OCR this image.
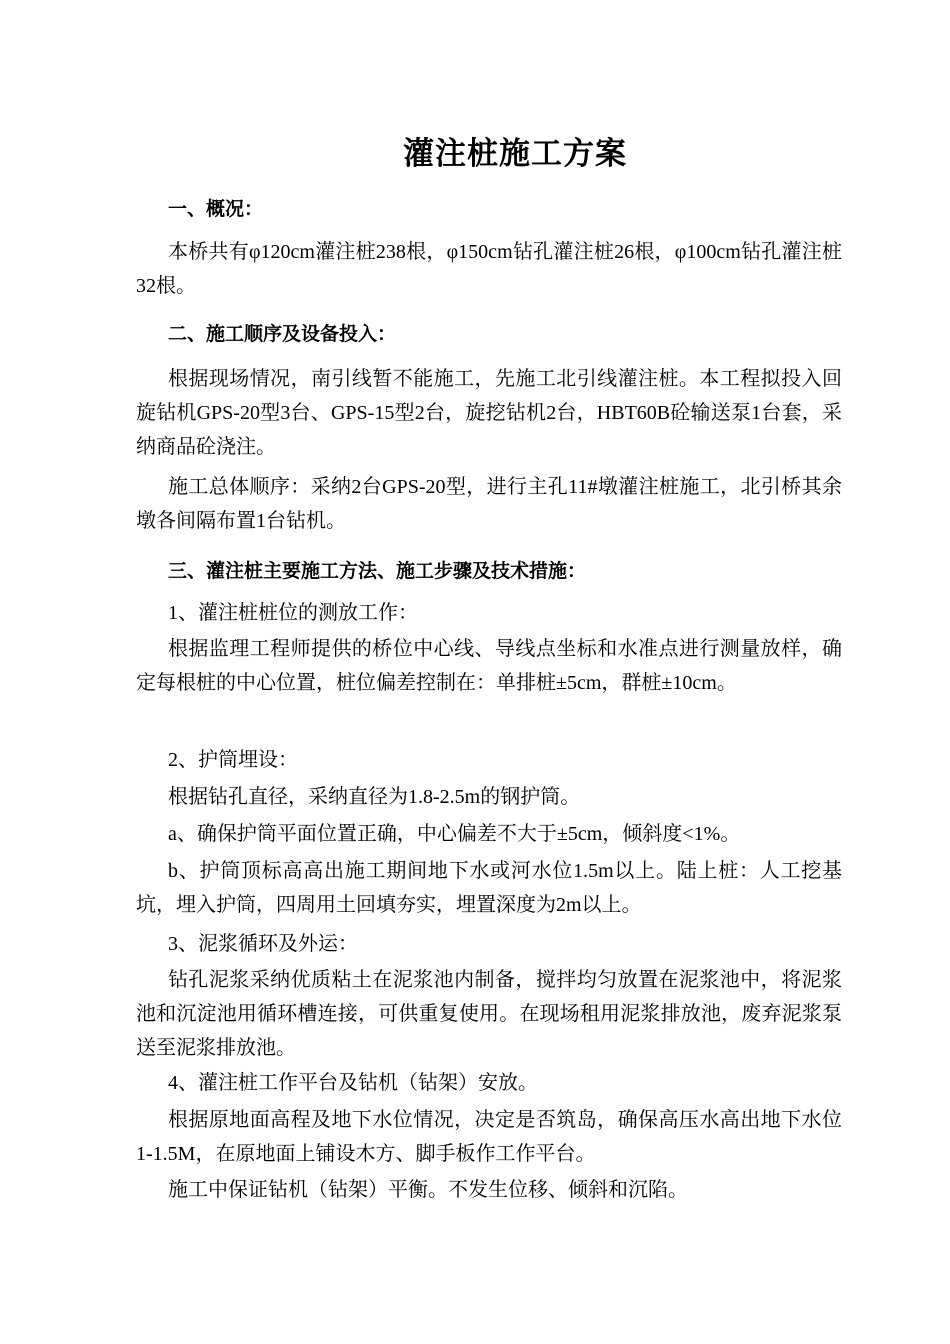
灌注桩施工方案
一、概况：

本桥共有φ120cm灌注桩238根，φ150cm钻孔灌注桩26根，φ100cm钻孔灌注桩32根。

二、施工顺序及设备投入：

根据现场情况，南引线暂不能施工，先施工北引线灌注桩。本工程拟投入回旋钻机GPS-20型3台、GPS-15型2台，旋挖钻机2台，HBT60B砼输送泵1台套，采纳商品砼浇注。

施工总体顺序：采纳2台GPS-20型，进行主孔11#墩灌注桩施工，北引桥其余墩各间隔布置1台钻机。

三、灌注桩主要施工方法、施工步骤及技术措施：

1、灌注桩桩位的测放工作：

根据监理工程师提供的桥位中心线、导线点坐标和水准点进行测量放样，确定每根桩的中心位置，桩位偏差控制在：单排桩±5cm，群桩±10cm。

2、护筒埋设：

根据钻孔直径，采纳直径为1.8-2.5m的钢护筒。

a、确保护筒平面位置正确，中心偏差不大于±5cm，倾斜度<1%。

b、护筒顶标高高出施工期间地下水或河水位1.5m以上。陆上桩：人工挖基坑，埋入护筒，四周用土回填夯实，埋置深度为2m以上。

3、泥浆循环及外运：

钻孔泥浆采纳优质粘土在泥浆池内制备，搅拌均匀放置在泥浆池中，将泥浆池和沉淀池用循环槽连接，可供重复使用。在现场租用泥浆排放池，废弃泥浆泵送至泥浆排放池。

4、灌注桩工作平台及钻机（钻架）安放。

根据原地面高程及地下水位情况，决定是否筑岛，确保高压水高出地下水位1-1.5M，在原地面上铺设木方、脚手板作工作平台。

施工中保证钻机（钻架）平衡。不发生位移、倾斜和沉陷。
